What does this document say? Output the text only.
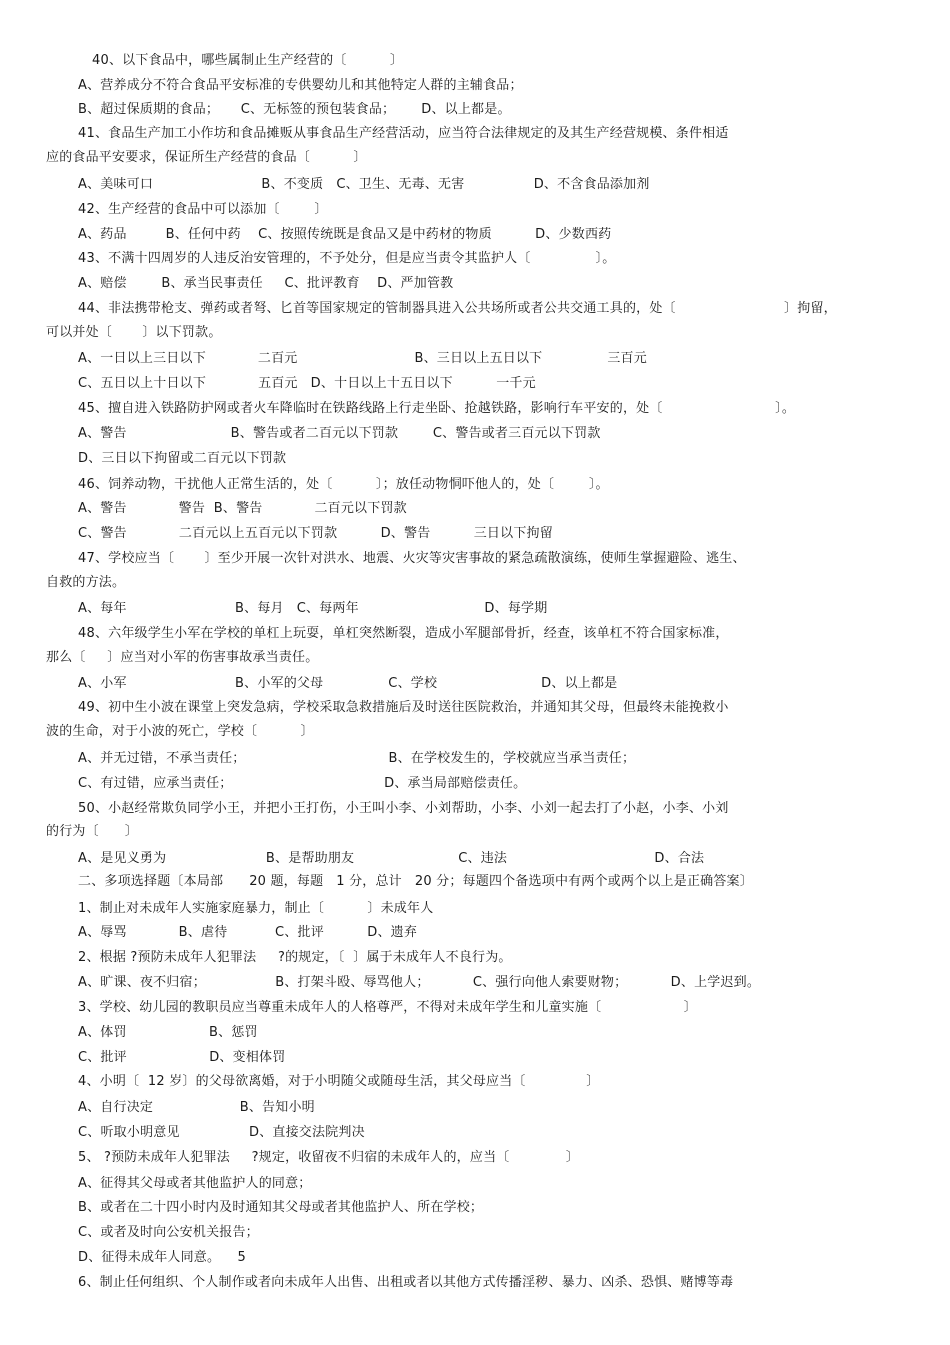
40、以下食品中，哪些属制止生产经营的〔          〕
A、营养成分不符合食品平安标准的专供婴幼儿和其他特定人群的主辅食品；
B、超过保质期的食品；     C、无标签的预包装食品；      D、以上都是。
41、食品生产加工小作坊和食品摊贩从事食品生产经营活动，应当符合法律规定的及其生产经营规模、条件相适
应的食品平安要求，保证所生产经营的食品〔          〕
A、美味可口                         B、不变质   C、卫生、无毒、无害                D、不含食品添加剂
42、生产经营的食品中可以添加〔        〕
A、药品         B、任何中药    C、按照传统既是食品又是中药材的物质          D、少数西药
43、不满十四周岁的人违反治安管理的，不予处分，但是应当责令其监护人〔               〕。
A、赔偿        B、承当民事责任     C、批评教育    D、严加管教
44、非法携带枪支、弹药或者弩、匕首等国家规定的管制器具进入公共场所或者公共交通工具的，处〔                         〕拘留，
可以并处〔       〕以下罚款。
A、一日以上三日以下            二百元                           B、三日以上五日以下               三百元
C、五日以上十日以下            五百元   D、十日以上十五日以下          一千元
45、擅自进入铁路防护网或者火车降临时在铁路线路上行走坐卧、抢越铁路，影响行车平安的，处〔                          〕。
A、警告                        B、警告或者二百元以下罚款        C、警告或者三百元以下罚款
D、三日以下拘留或二百元以下罚款
46、饲养动物，干扰他人正常生活的，处〔          〕；放任动物恫吓他人的，处〔        〕。
A、警告            警告  B、警告            二百元以下罚款
C、警告            二百元以上五百元以下罚款          D、警告          三日以下拘留
47、学校应当〔       〕至少开展一次针对洪水、地震、火灾等灾害事故的紧急疏散演练，使师生掌握避险、逃生、
自救的方法。
A、每年                         B、每月   C、每两年                             D、每学期
48、六年级学生小军在学校的单杠上玩耍，单杠突然断裂，造成小军腿部骨折，经查，该单杠不符合国家标准，
那么〔     〕应当对小军的伤害事故承当责任。
A、小军                         B、小军的父母               C、学校                        D、以上都是
49、初中生小波在课堂上突发急病，学校采取急救措施后及时送往医院救治，并通知其父母，但最终未能挽救小
波的生命，对于小波的死亡，学校〔          〕
A、并无过错，不承当责任；                                 B、在学校发生的，学校就应当承当责任；
C、有过错，应承当责任；                                   D、承当局部赔偿责任。
50、小赵经常欺负同学小王，并把小王打伤，小王叫小李、小刘帮助，小李、小刘一起去打了小赵，小李、小刘
的行为〔      〕
A、是见义勇为                       B、是帮助朋友                        C、违法                                  D、合法
二、多项选择题〔本局部      20 题，每题   1 分，总计   20 分；每题四个备选项中有两个或两个以上是正确答案〕
1、制止对未成年人实施家庭暴力，制止〔          〕未成年人
A、辱骂            B、虐待           C、批评          D、遗弃
2、根据 ?预防未成年人犯罪法     ?的规定，〔  〕属于未成年人不良行为。
A、旷课、夜不归宿；                B、打架斗殴、辱骂他人；          C、强行向他人索要财物；          D、上学迟到。
3、学校、幼儿园的教职员应当尊重未成年人的人格尊严，不得对未成年学生和儿童实施〔                   〕
A、体罚                   B、惩罚
C、批评                   D、变相体罚
4、小明〔  12 岁〕的父母欲离婚，对于小明随父或随母生活，其父母应当〔              〕
A、自行决定                    B、告知小明
C、听取小明意见                D、直接交法院判决
5、 ?预防未成年人犯罪法     ?规定，收留夜不归宿的未成年人的，应当〔             〕
A、征得其父母或者其他监护人的同意；
B、或者在二十四小时内及时通知其父母或者其他监护人、所在学校；
C、或者及时向公安机关报告；
D、征得未成年人同意。    5
6、制止任何组织、个人制作或者向未成年人出售、出租或者以其他方式传播淫秽、暴力、凶杀、恐惧、赌博等毒
